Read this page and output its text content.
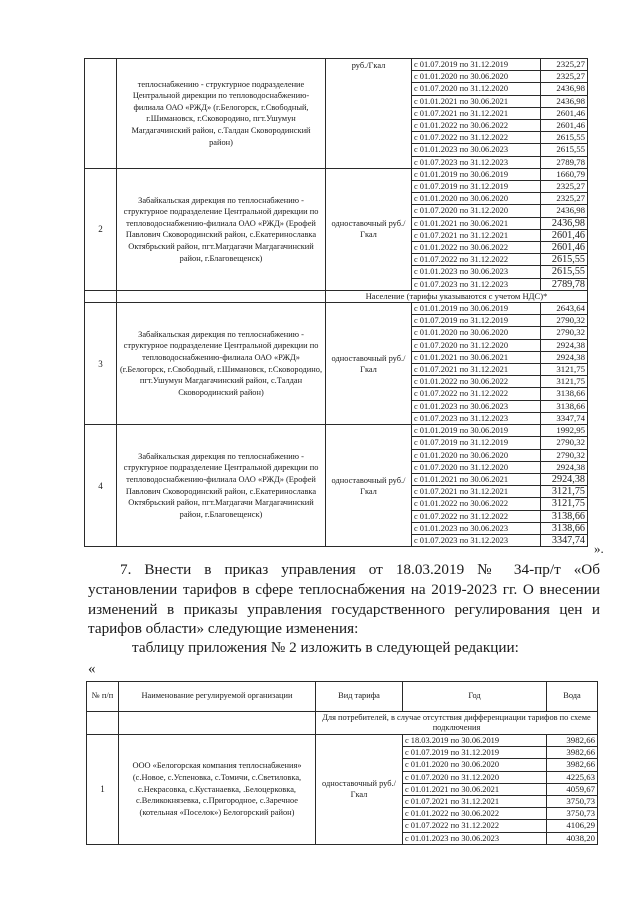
	теплоснабжению - структурное подразделение Центральной дирекции по тепловодоснабжению-филиала ОАО «РЖД» (г.Белогорск, г.Свободный, г.Шимановск, г.Сковородино, пгт.Ушумун Магдагачинский район, с.Талдан Сковородинский район)	руб./Гкал	с 01.07.2019 по 31.12.2019	2325,27
			с 01.01.2020 по 30.06.2020	2325,27
			с 01.07.2020 по 31.12.2020	2436,98
			с 01.01.2021 по 30.06.2021	2436,98
			с 01.07.2021 по 31.12.2021	2601,46
			с 01.01.2022 по 30.06.2022	2601,46
			с 01.07.2022 по 31.12.2022	2615,55
			с 01.01.2023 по 30.06.2023	2615,55
			с 01.07.2023 по 31.12.2023	2789,78
2	Забайкальская дирекция по теплоснабжению - структурное подразделение Центральной дирекции по тепловодоснабжению-филиала ОАО «РЖД» (Ерофей Павлович Сковородинский район, с.Екатеринославка Октябрьский район, пгт.Магдагачи Магдагачинский район, г.Благовещенск)	одноставочный руб./Гкал	с 01.01.2019 по 30.06.2019	1660,79
			с 01.07.2019 по 31.12.2019	2325,27
			с 01.01.2020 по 30.06.2020	2325,27
			с 01.07.2020 по 31.12.2020	2436,98
			с 01.01.2021 по 30.06.2021	2436,98
			с 01.07.2021 по 31.12.2021	2601,46
			с 01.01.2022 по 30.06.2022	2601,46
			с 01.07.2022 по 31.12.2022	2615,55
			с 01.01.2023 по 30.06.2023	2615,55
			с 01.07.2023 по 31.12.2023	2789,78
		Население (тарифы указываются с учетом НДС)*		
3	Забайкальская дирекция по теплоснабжению - структурное подразделение Центральной дирекции по тепловодоснабжению-филиала ОАО «РЖД» (г.Белогорск, г.Свободный, г.Шимановск, г.Сковородино, пгт.Ушумун Магдагачинский район, с.Талдан Сковородинский район)	одноставочный руб./Гкал	с 01.01.2019 по 30.06.2019	2643,64
			с 01.07.2019 по 31.12.2019	2790,32
			с 01.01.2020 по 30.06.2020	2790,32
			с 01.07.2020 по 31.12.2020	2924,38
			с 01.01.2021 по 30.06.2021	2924,38
			с 01.07.2021 по 31.12.2021	3121,75
			с 01.01.2022 по 30.06.2022	3121,75
			с 01.07.2022 по 31.12.2022	3138,66
			с 01.01.2023 по 30.06.2023	3138,66
			с 01.07.2023 по 31.12.2023	3347,74
4	Забайкальская дирекция по теплоснабжению - структурное подразделение Центральной дирекции по тепловодоснабжению-филиала ОАО «РЖД» (Ерофей Павлович Сковородинский район, с.Екатеринославка Октябрьский район, пгт.Магдагачи Магдагачинский район, г.Благовещенск)	одноставочный руб./Гкал	с 01.01.2019 по 30.06.2019	1992,95
			с 01.07.2019 по 31.12.2019	2790,32
			с 01.01.2020 по 30.06.2020	2790,32
			с 01.07.2020 по 31.12.2020	2924,38
			с 01.01.2021 по 30.06.2021	2924,38
			с 01.07.2021 по 31.12.2021	3121,75
			с 01.01.2022 по 30.06.2022	3121,75
			с 01.07.2022 по 31.12.2022	3138,66
			с 01.01.2023 по 30.06.2023	3138,66
			с 01.07.2023 по 31.12.2023	3347,74
».

7. Внести в приказ управления от 18.03.2019 № 34-пр/т «Об установлении тарифов в сфере теплоснабжения на 2019-2023 гг. О внесении изменений в приказы управления государственного регулирования цен и тарифов области» следующие изменения:

таблицу приложения № 2 изложить в следующей редакции:
«
№ п/п	Наименование регулируемой организации	Вид тарифа	Год	Вода
		Для потребителей, в случае отсутствия дифференциации тарифов по схеме подключения		
1	ООО «Белогорская компания теплоснабжения» (с.Новое, с.Успеновка, с.Томичи, с.Светиловка, с.Некрасовка, с.Кустанаевка, .Белоцерковка, с.Великокнязевка, с.Пригородное, с.Заречное (котельная «Поселок») Белогорский район)	одноставочный руб./Гкал	с 18.03.2019 по 30.06.2019	3982,66
			с 01.07.2019 по 31.12.2019	3982,66
			с 01.01.2020 по 30.06.2020	3982,66
			с 01.07.2020 по 31.12.2020	4225,63
			с 01.01.2021 по 30.06.2021	4059,67
			с 01.07.2021 по 31.12.2021	3750,73
			с 01.01.2022 по 30.06.2022	3750,73
			с 01.07.2022 по 31.12.2022	4106,29
			с 01.01.2023 по 30.06.2023	4038,20
